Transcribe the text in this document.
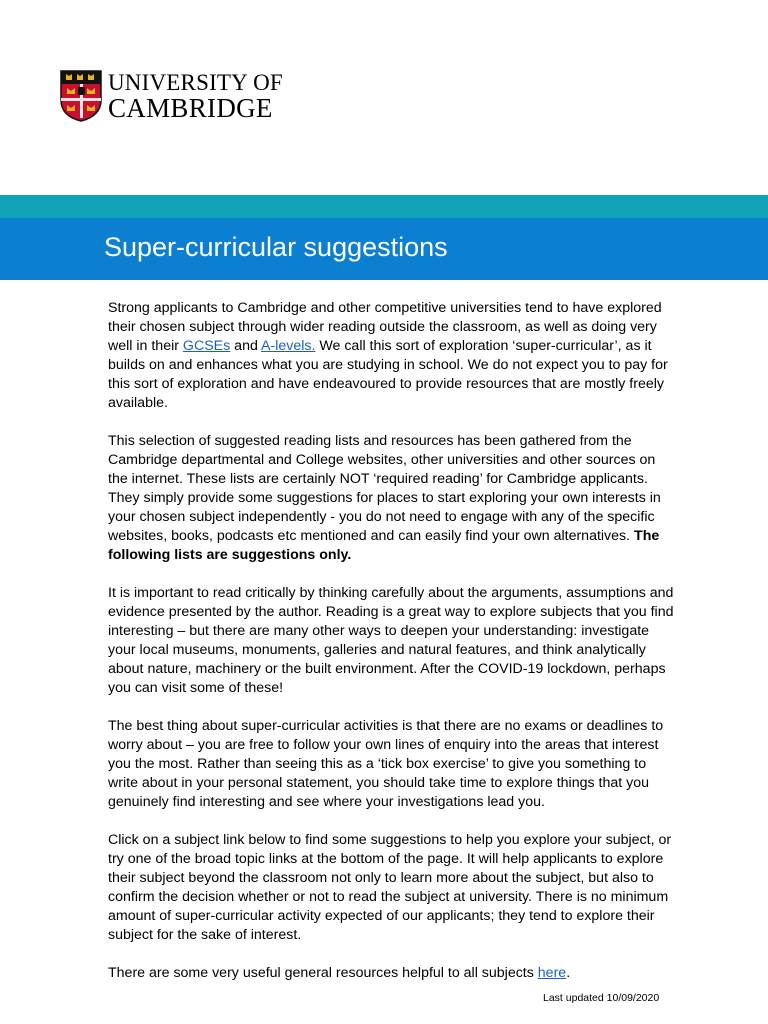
UNIVERSITY OF
CAMBRIDGE
Super-curricular suggestions

Strong applicants to Cambridge and other competitive universities tend to have explored their chosen subject through wider reading outside the classroom, as well as doing very well in their GCSEs and A-levels. We call this sort of exploration ‘super-curricular’, as it builds on and enhances what you are studying in school. We do not expect you to pay for this sort of exploration and have endeavoured to provide resources that are mostly freely available.

This selection of suggested reading lists and resources has been gathered from the Cambridge departmental and College websites, other universities and other sources on the internet. These lists are certainly NOT ‘required reading’ for Cambridge applicants. They simply provide some suggestions for places to start exploring your own interests in your chosen subject independently - you do not need to engage with any of the specific websites, books, podcasts etc mentioned and can easily find your own alternatives. The following lists are suggestions only.

It is important to read critically by thinking carefully about the arguments, assumptions and evidence presented by the author. Reading is a great way to explore subjects that you find interesting – but there are many other ways to deepen your understanding: investigate your local museums, monuments, galleries and natural features, and think analytically about nature, machinery or the built environment. After the COVID-19 lockdown, perhaps you can visit some of these!

The best thing about super-curricular activities is that there are no exams or deadlines to worry about – you are free to follow your own lines of enquiry into the areas that interest you the most. Rather than seeing this as a ‘tick box exercise’ to give you something to write about in your personal statement, you should take time to explore things that you genuinely find interesting and see where your investigations lead you.

Click on a subject link below to find some suggestions to help you explore your subject, or try one of the broad topic links at the bottom of the page. It will help applicants to explore their subject beyond the classroom not only to learn more about the subject, but also to confirm the decision whether or not to read the subject at university. There is no minimum amount of super-curricular activity expected of our applicants; they tend to explore their subject for the sake of interest.

There are some very useful general resources helpful to all subjects here.

Last updated 10/09/2020
